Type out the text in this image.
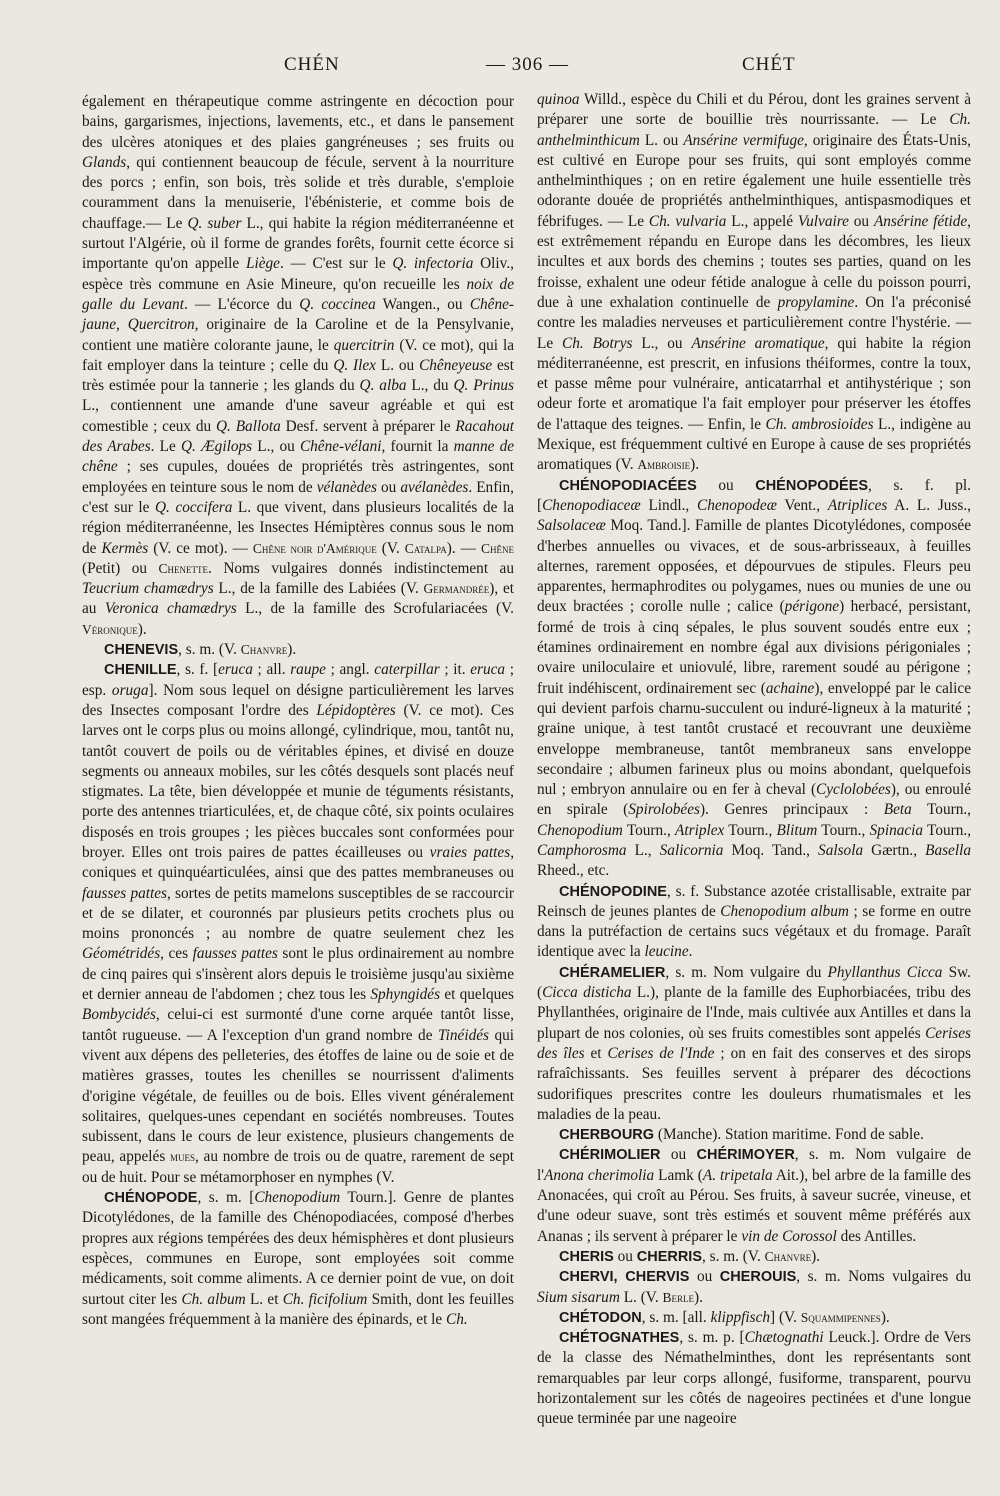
CHÉN	— 306 —	CHÉT

également en thérapeutique comme astringente en décoction pour bains, gargarismes, injections, lavements, etc., et dans le pansement des ulcères atoniques et des plaies gangréneuses ; ses fruits ou Glands, qui contiennent beaucoup de fécule, servent à la nourriture des porcs ; enfin, son bois, très solide et très durable, s'emploie couramment dans la menuiserie, l'ébénisterie, et comme bois de chauffage.— Le Q. suber L., qui habite la région méditerranéenne et surtout l'Algérie, où il forme de grandes forêts, fournit cette écorce si importante qu'on appelle Liège. — C'est sur le Q. infectoria Oliv., espèce très commune en Asie Mineure, qu'on recueille les noix de galle du Levant. — L'écorce du Q. coccinea Wangen., ou Chêne-jaune, Quercitron, originaire de la Caroline et de la Pensylvanie, contient une matière colorante jaune, le quercitrin (V. ce mot), qui la fait employer dans la teinture ; celle du Q. Ilex L. ou Chêneyeuse est très estimée pour la tannerie ; les glands du Q. alba L., du Q. Prinus L., contiennent une amande d'une saveur agréable et qui est comestible ; ceux du Q. Ballota Desf. servent à préparer le Racahout des Arabes. Le Q. Ægilops L., ou Chêne-vélani, fournit la manne de chêne ; ses cupules, douées de propriétés très astringentes, sont employées en teinture sous le nom de vélanèdes ou avélanèdes. Enfin, c'est sur le Q. coccifera L. que vivent, dans plusieurs localités de la région méditerranéenne, les Insectes Hémiptères connus sous le nom de Kermès (V. ce mot). — Chêne noir d'Amérique (V. Catalpa). — Chêne (Petit) ou Chenette. Noms vulgaires donnés indistinctement au Teucrium chamædrys L., de la famille des Labiées (V. Germandrée), et au Veronica chamædrys L., de la famille des Scrofulariacées (V. Véronique).

CHENEVIS, s. m. (V. Chanvre).

CHENILLE, s. f. [eruca ; all. raupe ; angl. caterpillar ; it. eruca ; esp. oruga]. Nom sous lequel on désigne particulièrement les larves des Insectes composant l'ordre des Lépidoptères (V. ce mot). Ces larves ont le corps plus ou moins allongé, cylindrique, mou, tantôt nu, tantôt couvert de poils ou de véritables épines, et divisé en douze segments ou anneaux mobiles, sur les côtés desquels sont placés neuf stigmates. La tête, bien développée et munie de téguments résistants, porte des antennes triarticulées, et, de chaque côté, six points oculaires disposés en trois groupes ; les pièces buccales sont conformées pour broyer. Elles ont trois paires de pattes écailleuses ou vraies pattes, coniques et quinquéarticulées, ainsi que des pattes membraneuses ou fausses pattes, sortes de petits mamelons susceptibles de se raccourcir et de se dilater, et couronnés par plusieurs petits crochets plus ou moins prononcés ; au nombre de quatre seulement chez les Géométridés, ces fausses pattes sont le plus ordinairement au nombre de cinq paires qui s'insèrent alors depuis le troisième jusqu'au sixième et dernier anneau de l'abdomen ; chez tous les Sphyngidés et quelques Bombycidés, celui-ci est surmonté d'une corne arquée tantôt lisse, tantôt rugueuse. — A l'exception d'un grand nombre de Tinéidés qui vivent aux dépens des pelleteries, des étoffes de laine ou de soie et de matières grasses, toutes les chenilles se nourrissent d'aliments d'origine végétale, de feuilles ou de bois. Elles vivent généralement solitaires, quelques-unes cependant en sociétés nombreuses. Toutes subissent, dans le cours de leur existence, plusieurs changements de peau, appelés mues, au nombre de trois ou de quatre, rarement de sept ou de huit. Pour se métamorphoser en nymphes (V.

CHÉNOPODE, s. m. [Chenopodium Tourn.]. Genre de plantes Dicotylédones, de la famille des Chénopodiacées, composé d'herbes propres aux régions tempérées des deux hémisphères et dont plusieurs espèces, communes en Europe, sont employées soit comme médicaments, soit comme aliments. A ce dernier point de vue, on doit surtout citer les Ch. album L. et Ch. ficifolium Smith, dont les feuilles sont mangées fréquemment à la manière des épinards, et le Ch.

quinoa Willd., espèce du Chili et du Pérou, dont les graines servent à préparer une sorte de bouillie très nourrissante. — Le Ch. anthelminthicum L. ou Ansérine vermifuge, originaire des États-Unis, est cultivé en Europe pour ses fruits, qui sont employés comme anthelminthiques ; on en retire également une huile essentielle très odorante douée de propriétés anthelminthiques, antispasmodiques et fébrifuges. — Le Ch. vulvaria L., appelé Vulvaire ou Ansérine fétide, est extrêmement répandu en Europe dans les décombres, les lieux incultes et aux bords des chemins ; toutes ses parties, quand on les froisse, exhalent une odeur fétide analogue à celle du poisson pourri, due à une exhalation continuelle de propylamine. On l'a préconisé contre les maladies nerveuses et particulièrement contre l'hystérie. — Le Ch. Botrys L., ou Ansérine aromatique, qui habite la région méditerranéenne, est prescrit, en infusions théiformes, contre la toux, et passe même pour vulnéraire, anticatarrhal et antihystérique ; son odeur forte et aromatique l'a fait employer pour préserver les étoffes de l'attaque des teignes. — Enfin, le Ch. ambrosioides L., indigène au Mexique, est fréquemment cultivé en Europe à cause de ses propriétés aromatiques (V. Ambroisie).

CHÉNOPODIACÉES ou CHÉNOPODÉES, s. f. pl. [Chenopodiaceæ Lindl., Chenopodeæ Vent., Atriplices A. L. Juss., Salsolaceæ Moq. Tand.]. Famille de plantes Dicotylédones, composée d'herbes annuelles ou vivaces, et de sous-arbrisseaux, à feuilles alternes, rarement opposées, et dépourvues de stipules. Fleurs peu apparentes, hermaphrodites ou polygames, nues ou munies de une ou deux bractées ; corolle nulle ; calice (périgone) herbacé, persistant, formé de trois à cinq sépales, le plus souvent soudés entre eux ; étamines ordinairement en nombre égal aux divisions périgoniales ; ovaire uniloculaire et uniovulé, libre, rarement soudé au périgone ; fruit indéhiscent, ordinairement sec (achaine), enveloppé par le calice qui devient parfois charnu-succulent ou induré-ligneux à la maturité ; graine unique, à test tantôt crustacé et recouvrant une deuxième enveloppe membraneuse, tantôt membraneux sans enveloppe secondaire ; albumen farineux plus ou moins abondant, quelquefois nul ; embryon annulaire ou en fer à cheval (Cyclolobées), ou enroulé en spirale (Spirolobées). Genres principaux : Beta Tourn., Chenopodium Tourn., Atriplex Tourn., Blitum Tourn., Spinacia Tourn., Camphorosma L., Salicornia Moq. Tand., Salsola Gærtn., Basella Rheed., etc.

CHÉNOPODINE, s. f. Substance azotée cristallisable, extraite par Reinsch de jeunes plantes de Chenopodium album ; se forme en outre dans la putréfaction de certains sucs végétaux et du fromage. Paraît identique avec la leucine.

CHÉRAMELIER, s. m. Nom vulgaire du Phyllanthus Cicca Sw. (Cicca disticha L.), plante de la famille des Euphorbiacées, tribu des Phyllanthées, originaire de l'Inde, mais cultivée aux Antilles et dans la plupart de nos colonies, où ses fruits comestibles sont appelés Cerises des îles et Cerises de l'Inde ; on en fait des conserves et des sirops rafraîchissants. Ses feuilles servent à préparer des décoctions sudorifiques prescrites contre les douleurs rhumatismales et les maladies de la peau.

CHERBOURG (Manche). Station maritime. Fond de sable.

CHÉRIMOLIER ou CHÉRIMOYER, s. m. Nom vulgaire de l'Anona cherimolia Lamk (A. tripetala Ait.), bel arbre de la famille des Anonacées, qui croît au Pérou. Ses fruits, à saveur sucrée, vineuse, et d'une odeur suave, sont très estimés et souvent même préférés aux Ananas ; ils servent à préparer le vin de Corossol des Antilles.

CHERIS ou CHERRIS, s. m. (V. Chanvre).

CHERVI, CHERVIS ou CHEROUIS, s. m. Noms vulgaires du Sium sisarum L. (V. Berle).

CHÉTODON, s. m. [all. klippfisch] (V. Squammipennes).

CHÉTOGNATHES, s. m. p. [Chætognathi Leuck.]. Ordre de Vers de la classe des Némathelminthes, dont les représentants sont remarquables par leur corps allongé, fusiforme, transparent, pourvu horizontalement sur les côtés de nageoires pectinées et d'une longue queue terminée par une nageoire
